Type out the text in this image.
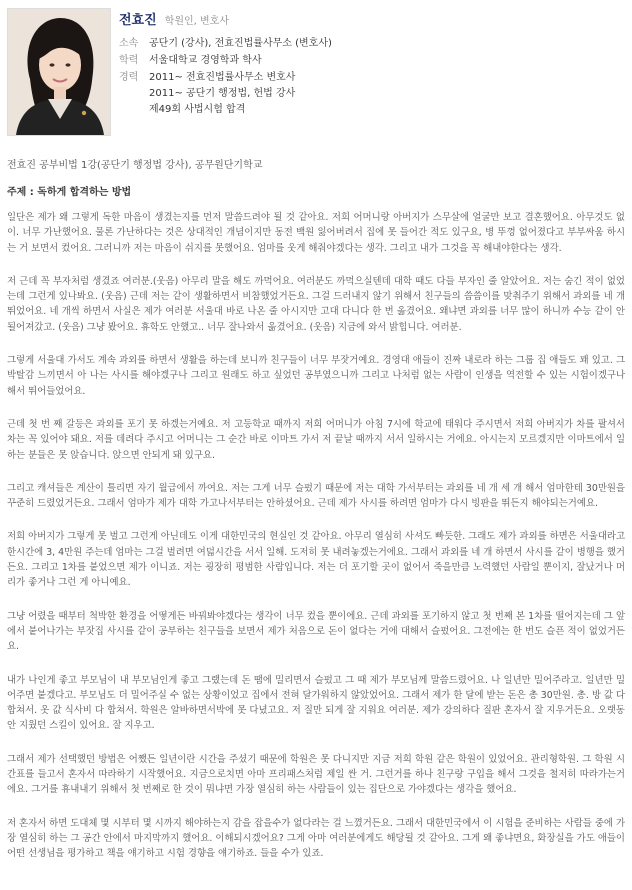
전효진 학원인, 변호사
소속	공단기 (강사), 전효진법률사무소 (변호사)
학력	서울대학교 경영학과 학사
경력	2011~ 전효진법률사무소 변호사
2011~ 공단기 행정법, 헌법 강사
제49회 사법시험 합격
전효진 공부비법 1강(공단기 행정법 강사), 공무원단기학교
주제 : 독하게 합격하는 방법

일단은 제가 왜 그렇게 독한 마음이 생겼는지를 먼저 말씀드려야 될 것 같아요. 저희 어머니랑 아버지가 스무살에 얼굴만 보고 결혼했어요. 아무것도 없이. 너무 가난했어요. 물론 가난하다는 것은 상대적인 개념이지만 동전 백원 잃어버려서 집에 못 들어간 적도 있구요, 병 뚜껑 없어졌다고 부부싸움 하시는 거 보면서 컸어요. 그러니까 저는 마음이 쉬지를 못했어요. 엄마를 웃게 해줘야겠다는 생각. 그리고 내가 그것을 꼭 해내야한다는 생각.

저 근데 꼭 부자처럼 생겼죠 여러분.(웃음) 아무리 말을 해도 까먹어요. 여러분도 까먹으실텐데 대학 때도 다들 부자인 줄 알았어요. 저는 숨긴 적이 없었는데 그런게 있나봐요. (웃음) 근데 저는 같이 생활하면서 비참했었거든요. 그걸 드러내지 않기 위해서 친구들의 씀씀이를 맞춰주기 위해서 과외를 네 개 뛰었어요. 네 개씩 하면서 사실은 제가 여러분 서울대 바로 나온 줄 아시지만 고대 다니다 한 번 옮겼어요. 왜냐면 과외를 너무 많이 하니까 수능 같이 안될어져갔고. (웃음) 그냥 봤어요. 휴학도 안했고.. 너무 잘나와서 옮겼어요. (웃음) 지금에 와서 밝힙니다. 여러분.

그렇게 서울대 가서도 계속 과외를 하면서 생활을 하는데 보니까 친구들이 너무 부잣거예요. 경영대 애들이 진짜 내로라 하는 그룹 집 애들도 꽤 있고. 그 박탈감 느끼면서 아 나는 사시를 해야겠구나 그리고 원래도 하고 싶었던 공부였으니까 그리고 나처럼 없는 사람이 인생을 역전할 수 있는 시험이겠구나 해서 뛰어들었어요.

근데 첫 번 째 갈등은 과외를 포기 못 하겠는거예요. 저 고등학교 때까지 저희 어머니가 아침 7시에 학교에 태워다 주시면서 저희 아버지가 차를 팔셔서 차는 꼭 있어야 돼요. 저를 데려다 주시고 어머니는 그 순간 바로 이마트 가서 저 끝날 때까지 서서 일하시는 거에요. 아시는지 모르겠지만 이마트에서 일하는 분들은 못 앉습니다. 앉으면 안되게 돼 있구요.

그리고 캐셔들은 계산이 틀리면 자기 월급에서 까여요. 저는 그게 너무 슬펐기 때문에 저는 대학 가서부터는 과외를 네 개 세 개 해서 엄마한테 30만원을 꾸준히 드렸었거든요. 그래서 엄마가 제가 대학 가고나서부터는 안하셨어요. 근데 제가 사시를 하려면 엄마가 다시 빙판을 뛰든지 해야되는거예요.

저희 아버지가 그렇게 못 벌고 그런게 아닌데도 이게 대한민국의 현실인 것 같아요. 아무리 열심히 사셔도 빠듯한. 그래도 제가 과외를 하면은 서울대라고 한시간에 3, 4만원 주는데 엄마는 그걸 벌려면 여덟시간을 서서 일해. 도저히 못 내려놓겠는거에요. 그래서 과외를 네 개 하면서 사시를 같이 병행을 했거든요. 그리고 1차를 붙었으면 제가 이니죠. 저는 굉장히 평범한 사람입니다. 저는 더 포기할 곳이 없어서 죽을만큼 노력했던 사람일 뿐이지, 잘났거나 머리가 좋거나 그런 게 아니예요.

그냥 어렸을 때부터 척박한 환경을 어떻게든 바꿔봐야겠다는 생각이 너무 컸을 뿐이에요. 근데 과외를 포기하지 않고 첫 번째 본 1차를 떨어지는데 그 앞에서 붙어나가는 부잣집 사시를 같이 공부하는 친구들을 보면서 제가 처음으로 돈이 없다는 거에 대해서 슬펐어요. 그전에는 한 번도 슬픈 적이 없었거든요.

내가 나인게 좋고 부모님이 내 부모님인게 좋고 그랬는데 돈 땜에 밀리면서 슬펐고 그 때 제가 부모님께 말씀드렸어요. 나 일년만 밀어주라고. 일년만 밀어주면 붙겠다고. 부모님도 더 밀어주실 수 없는 상황이었고 집에서 전혀 달가워하지 않았었어요. 그래서 제가 한 달에 받는 돈은 총 30만원. 총. 방 값 다 합쳐서. 옷 값 식사비 다 합쳐서. 학원은 알바하면서박에 못 다녔고요. 저 질만 되게 잘 지워요 여러분. 제가 강의하다 질판 혼자서 잘 지우거든요. 오랫동안 지웠던 스킬이 있어요. 잘 지우고.

그래서 제가 선택했던 방법은 어쨌든 일년이란 시간을 주셨기 때문에 학원은 못 다니지만 지금 저희 학원 같은 학원이 있었어요. 관리형학원. 그 학원 시간표를 들고서 혼자서 따라하기 시작했어요. 지금으로치면 아마 프리패스처럼 제일 싼 거. 그런거를 하나 친구랑 구입을 해서 그것을 철저히 따라가는거에요. 그거를 휴내내기 위해서 첫 번째로 한 것이 뭐냐면 가장 열심히 하는 사람들이 있는 집단으로 가야겠다는 생각을 했어요.

저 혼자서 하면 도대체 몇 시부터 몇 시까지 해야하는지 감을 잡을수가 없다라는 걸 느꼈거든요. 그래서 대한민국에서 이 시험을 준비하는 사람들 중에 가장 열심히 하는 그 공간 안에서 마지막까지 했어요. 이해되시겠어요? 그게 아마 여러분에게도 해당될 것 같아요. 그게 왜 좋냐면요, 화장실을 가도 애들이 어떤 선생님을 평가하고 책을 얘기하고 시험 경향을 얘기하죠. 들을 수가 있죠.
